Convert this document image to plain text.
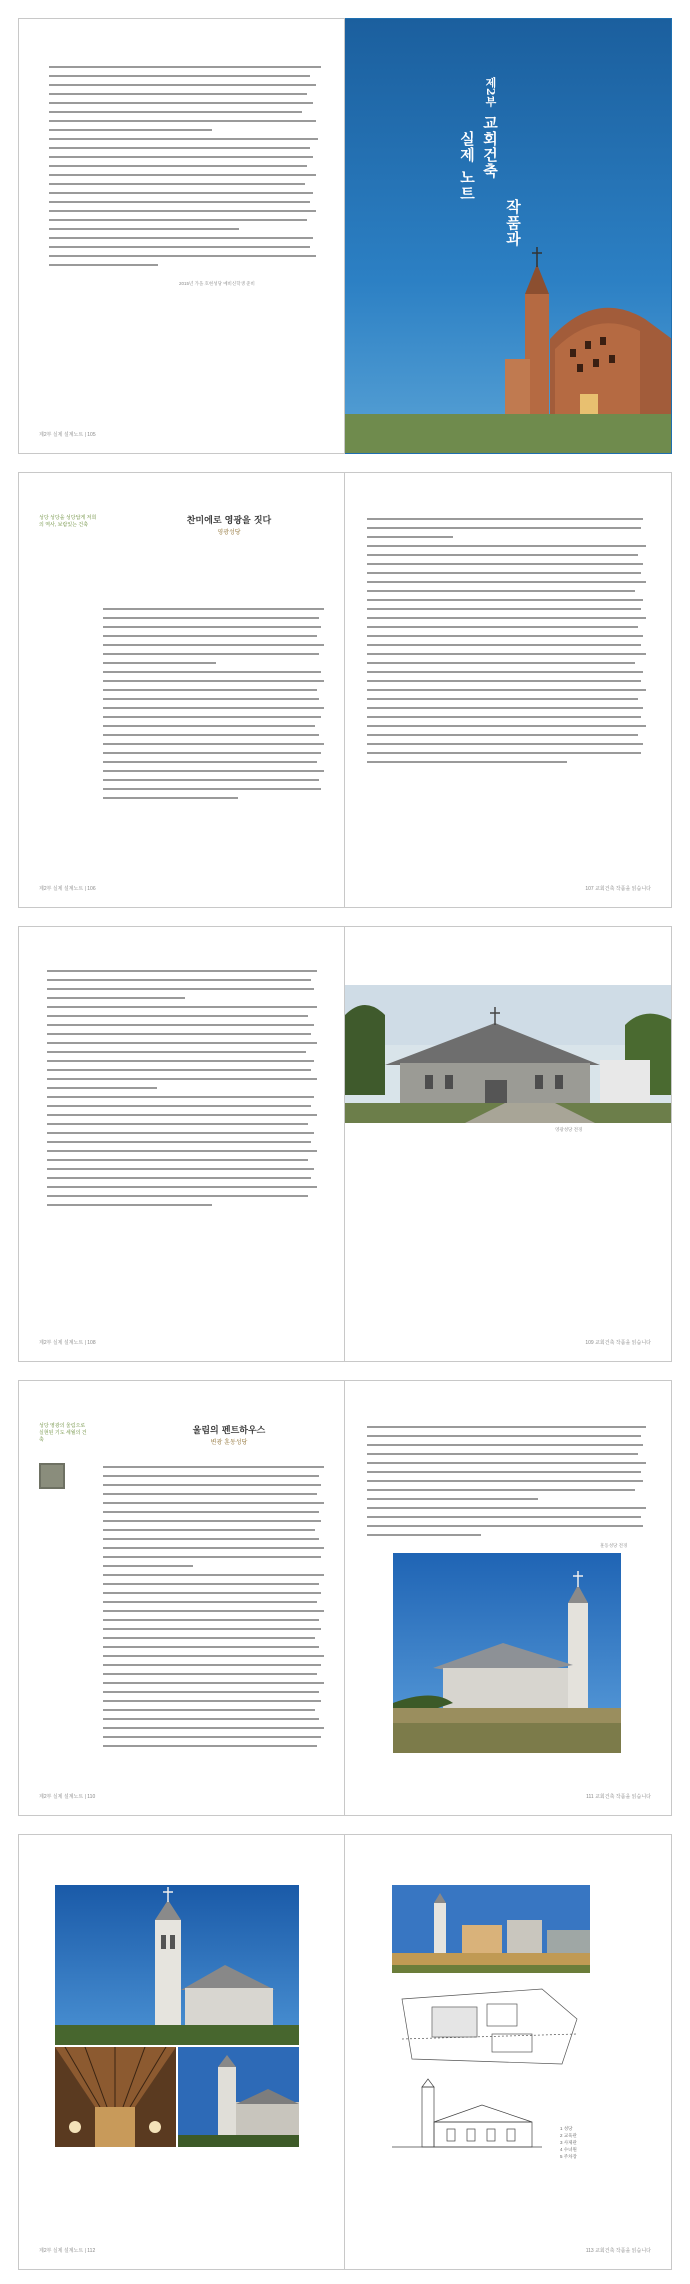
2015년 가을 호현성당 예비신학생 준비
제2부 실제 설계노트 | 105
제2부
교회건축
실제 노트
작품과
성당 성당을 성당답게 저희의 역사, 보람있는 건축	찬미에로 영광을 짓다
영광성당
제2부 실제 설계노트 | 106	107 교회건축 작품을 읽습니다
제2부 실제 설계노트 | 108
영광성당 전경
109 교회건축 작품을 읽습니다
성당 영광의 울림으로 실현된 기도 세월의 건축
울림의 펜트하우스
변광 훈동성당
제2부 실제 설계노트 | 110
훈동성당 전경
111 교회건축 작품을 읽습니다
제2부 실제 설계노트 | 112
1 성당
2 교육관
3 사제관
4 수녀원
5 주차장
113 교회건축 작품을 읽습니다
